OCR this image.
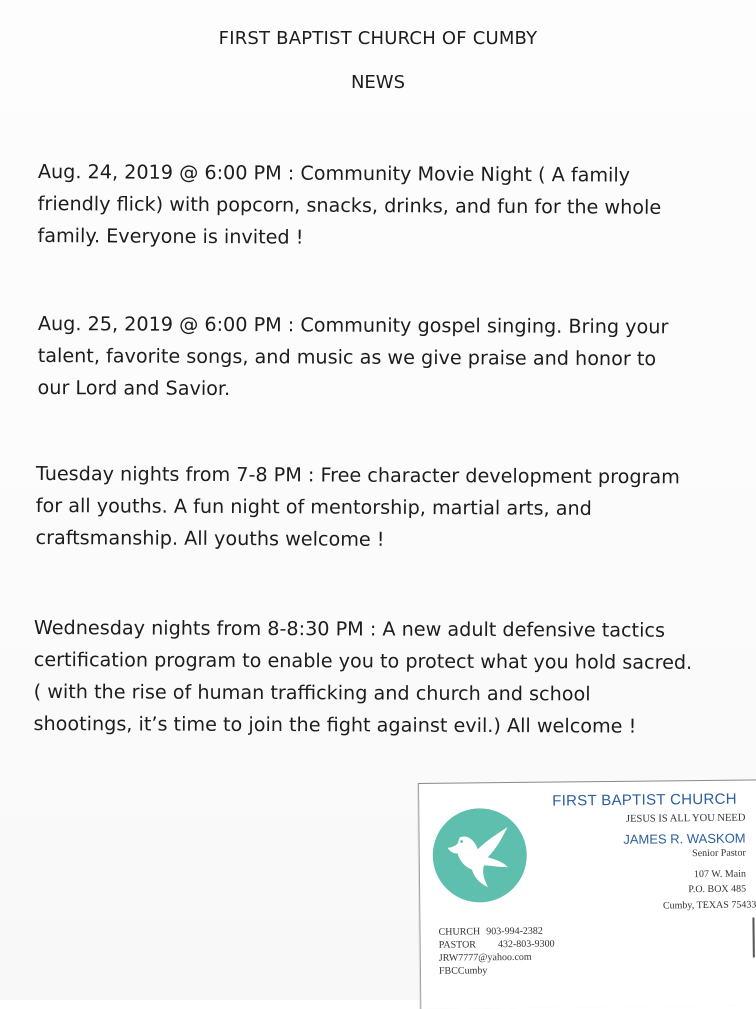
FIRST BAPTIST CHURCH OF CUMBY
NEWS

Aug. 24, 2019 @ 6:00 PM : Community Movie Night ( A family friendly flick) with popcorn, snacks, drinks, and fun for the whole family. Everyone is invited !

Aug. 25, 2019 @ 6:00 PM : Community gospel singing. Bring your talent, favorite songs, and music as we give praise and honor to our Lord and Savior.

Tuesday nights from 7-8 PM : Free character development program for all youths. A fun night of mentorship, martial arts, and craftsmanship. All youths welcome !

Wednesday nights from 8-8:30 PM : A new adult defensive tactics certification program to enable you to protect what you hold sacred. ( with the rise of human trafficking and church and school shootings, it’s time to join the fight against evil.) All welcome !

FIRST BAPTIST CHURCH
JESUS IS ALL YOU NEED
JAMES R. WASKOM
Senior Pastor
107 W. Main
P.O. BOX 485
Cumby, TEXAS 75433
CHURCH 903-994-2382
PASTOR 432-803-9300
JRW7777@yahoo.com
FBCCumby
